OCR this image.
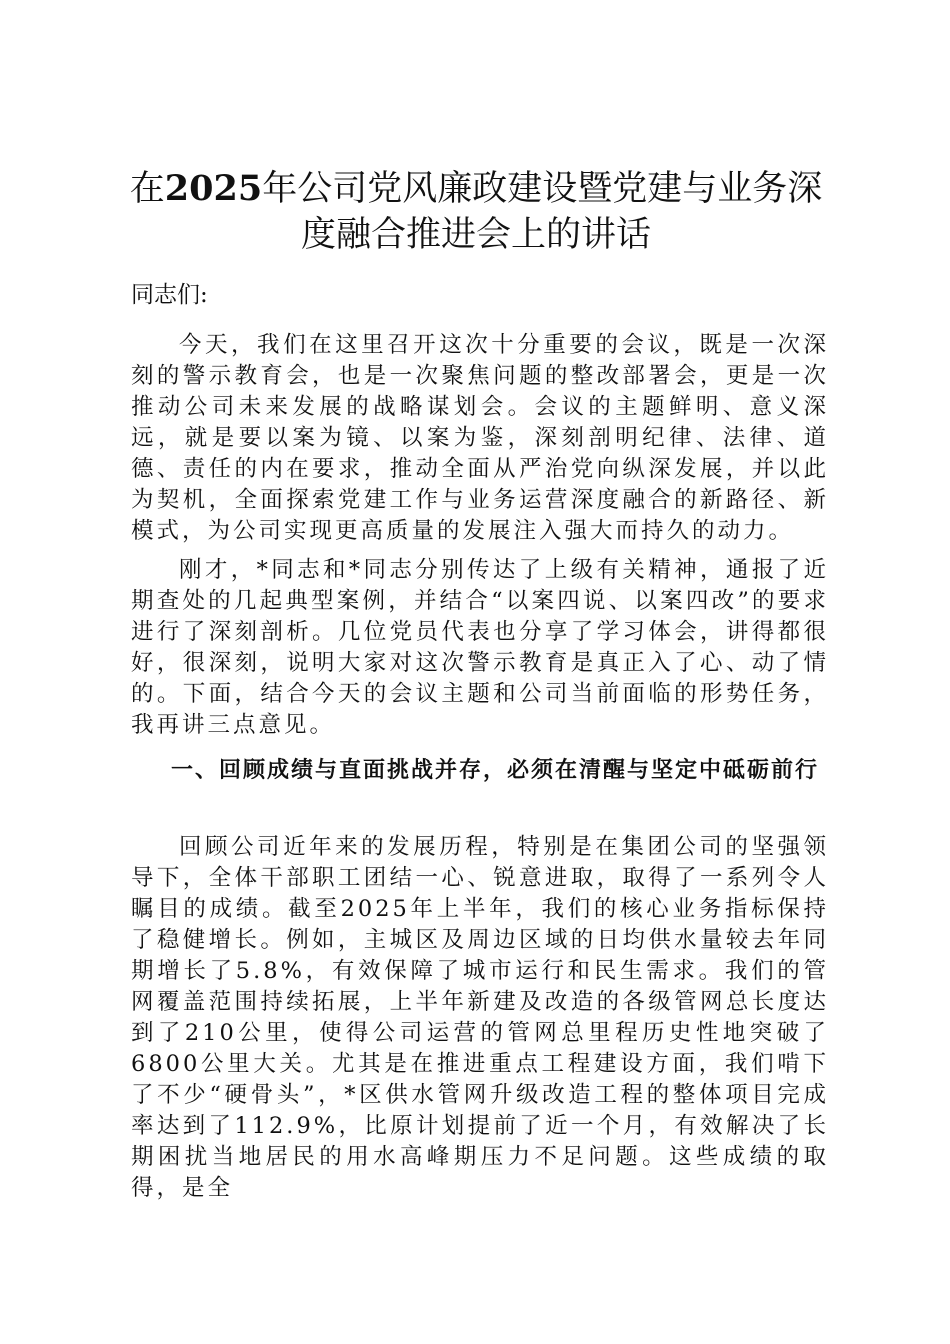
在2025年公司党风廉政建设暨党建与业务深度融合推进会上的讲话

同志们:

今天，我们在这里召开这次十分重要的会议，既是一次深刻的警示教育会，也是一次聚焦问题的整改部署会，更是一次推动公司未来发展的战略谋划会。会议的主题鲜明、意义深远，就是要以案为镜、以案为鉴，深刻剖明纪律、法律、道德、责任的内在要求，推动全面从严治党向纵深发展，并以此为契机，全面探索党建工作与业务运营深度融合的新路径、新模式，为公司实现更高质量的发展注入强大而持久的动力。

刚才，*同志和*同志分别传达了上级有关精神，通报了近期查处的几起典型案例，并结合“以案四说、以案四改”的要求进行了深刻剖析。几位党员代表也分享了学习体会，讲得都很好，很深刻，说明大家对这次警示教育是真正入了心、动了情的。下面，结合今天的会议主题和公司当前面临的形势任务，我再讲三点意见。

一、回顾成绩与直面挑战并存，必须在清醒与坚定中砥砺前行

回顾公司近年来的发展历程，特别是在集团公司的坚强领导下，全体干部职工团结一心、锐意进取，取得了一系列令人瞩目的成绩。截至2025年上半年，我们的核心业务指标保持了稳健增长。例如，主城区及周边区域的日均供水量较去年同期增长了5.8%，有效保障了城市运行和民生需求。我们的管网覆盖范围持续拓展，上半年新建及改造的各级管网总长度达到了210公里，使得公司运营的管网总里程历史性地突破了6800公里大关。尤其是在推进重点工程建设方面，我们啃下了不少“硬骨头”，*区供水管网升级改造工程的整体项目完成率达到了112.9%，比原计划提前了近一个月，有效解决了长期困扰当地居民的用水高峰期压力不足问题。这些成绩的取得，是全
